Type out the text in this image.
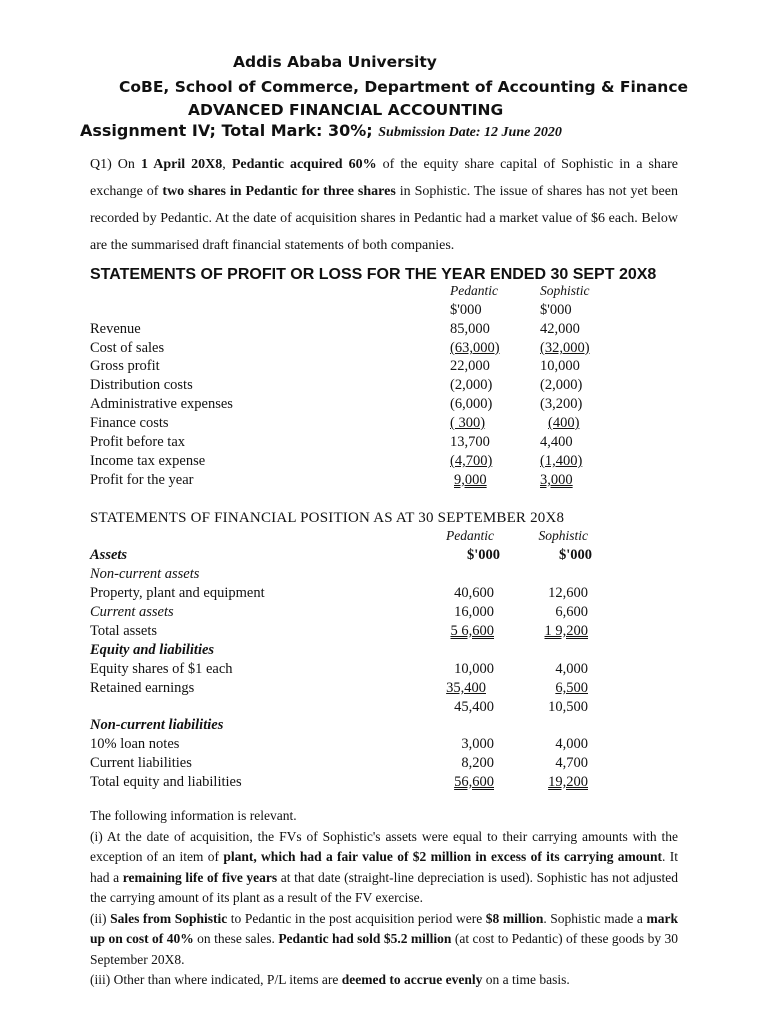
Addis Ababa University
CoBE, School of Commerce, Department of Accounting & Finance
ADVANCED FINANCIAL ACCOUNTING
Assignment IV; Total Mark: 30%; Submission Date: 12 June 2020
Q1) On 1 April 20X8, Pedantic acquired 60% of the equity share capital of Sophistic in a share exchange of two shares in Pedantic for three shares in Sophistic. The issue of shares has not yet been recorded by Pedantic. At the date of acquisition shares in Pedantic had a market value of $6 each. Below are the summarised draft financial statements of both companies.
STATEMENTS OF PROFIT OR LOSS FOR THE YEAR ENDED 30 SEPT 20X8
Pedantic	Sophistic
$'000	$'000
Revenue	85,000	42,000
Cost of sales	(63,000)	(32,000)
Gross profit	22,000	10,000
Distribution costs	(2,000)	(2,000)
Administrative expenses	(6,000)	(3,200)
Finance costs	( 300)	(400)
Profit before tax	13,700	4,400
Income tax expense	(4,700)	(1,400)
Profit for the year	9,000	3,000
STATEMENTS OF FINANCIAL POSITION AS AT 30 SEPTEMBER 20X8
Pedantic	Sophistic
Assets	$'000	$'000
Non-current assets
Property, plant and equipment	40,600	12,600
Current assets	16,000	6,600
Total assets	5 6,600	1 9,200
Equity and liabilities
Equity shares of $1 each	10,000	4,000
Retained earnings	35,400	6,500
45,400	10,500
Non-current liabilities
10% loan notes	3,000	4,000
Current liabilities	8,200	4,700
Total equity and liabilities	56,600	19,200

The following information is relevant.

(i) At the date of acquisition, the FVs of Sophistic's assets were equal to their carrying amounts with the exception of an item of plant, which had a fair value of $2 million in excess of its carrying amount. It had a remaining life of five years at that date (straight-line depreciation is used). Sophistic has not adjusted the carrying amount of its plant as a result of the FV exercise.

(ii) Sales from Sophistic to Pedantic in the post acquisition period were $8 million. Sophistic made a mark up on cost of 40% on these sales. Pedantic had sold $5.2 million (at cost to Pedantic) of these goods by 30 September 20X8.

(iii) Other than where indicated, P/L items are deemed to accrue evenly on a time basis.
